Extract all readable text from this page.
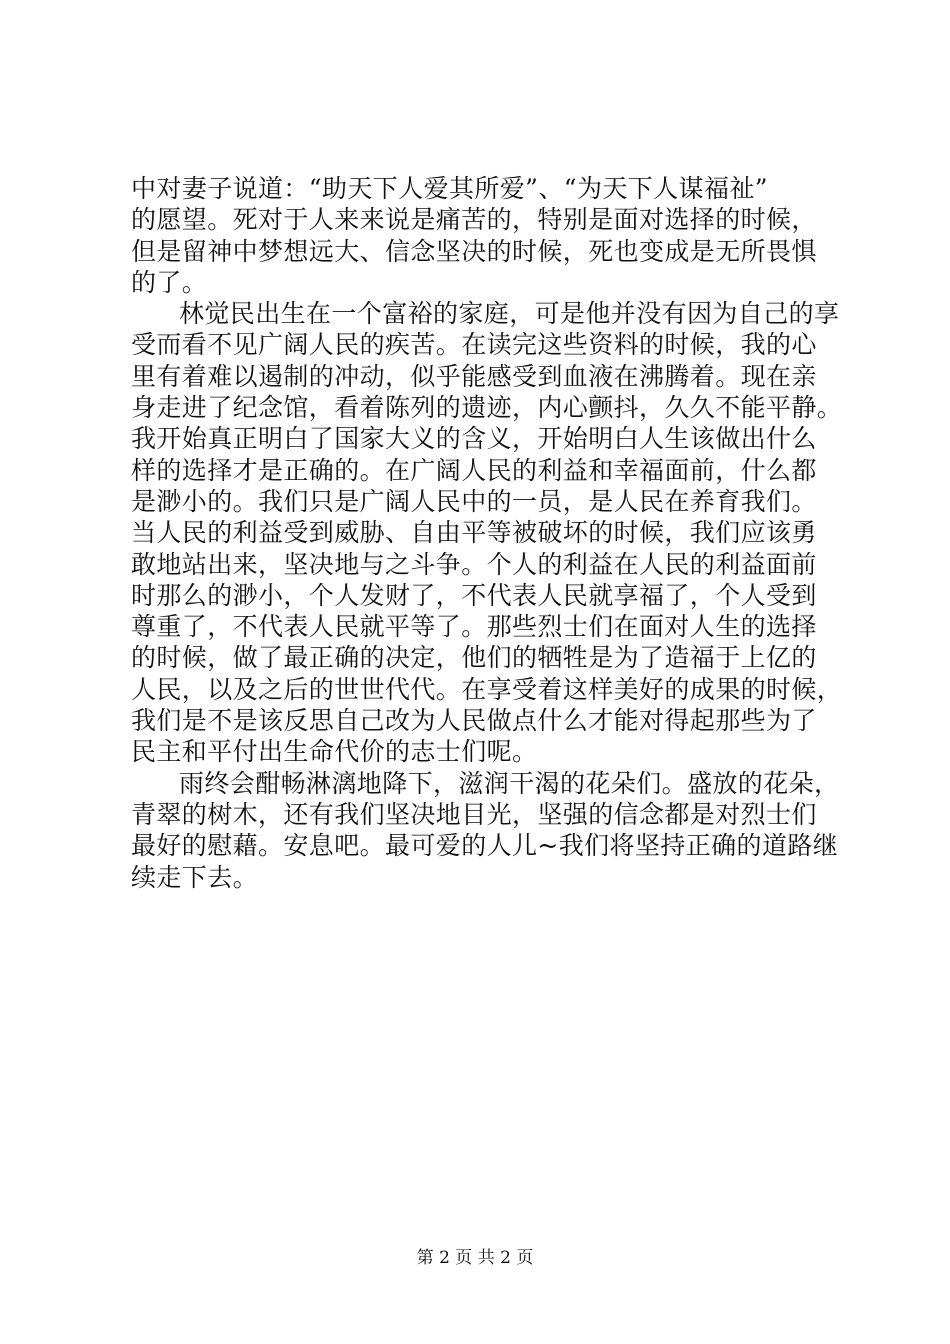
中对妻子说道：“助天下人爱其所爱”、“为天下人谋福祉”
的愿望。死对于人来来说是痛苦的，特别是面对选择的时候，
但是留神中梦想远大、信念坚决的时候，死也变成是无所畏惧
的了。
林觉民出生在一个富裕的家庭，可是他并没有因为自己的享
受而看不见广阔人民的疾苦。在读完这些资料的时候，我的心
里有着难以遏制的冲动，似乎能感受到血液在沸腾着。现在亲
身走进了纪念馆，看着陈列的遗迹，内心颤抖，久久不能平静。
我开始真正明白了国家大义的含义，开始明白人生该做出什么
样的选择才是正确的。在广阔人民的利益和幸福面前，什么都
是渺小的。我们只是广阔人民中的一员，是人民在养育我们。
当人民的利益受到威胁、自由平等被破坏的时候，我们应该勇
敢地站出来，坚决地与之斗争。个人的利益在人民的利益面前
时那么的渺小，个人发财了，不代表人民就享福了，个人受到
尊重了，不代表人民就平等了。那些烈士们在面对人生的选择
的时候，做了最正确的决定，他们的牺牲是为了造福于上亿的
人民，以及之后的世世代代。在享受着这样美好的成果的时候，
我们是不是该反思自己改为人民做点什么才能对得起那些为了
民主和平付出生命代价的志士们呢。
雨终会酣畅淋漓地降下，滋润干渴的花朵们。盛放的花朵，
青翠的树木，还有我们坚决地目光，坚强的信念都是对烈士们
最好的慰藉。安息吧。最可爱的人儿~我们将坚持正确的道路继
续走下去。
第 2 页 共 2 页
